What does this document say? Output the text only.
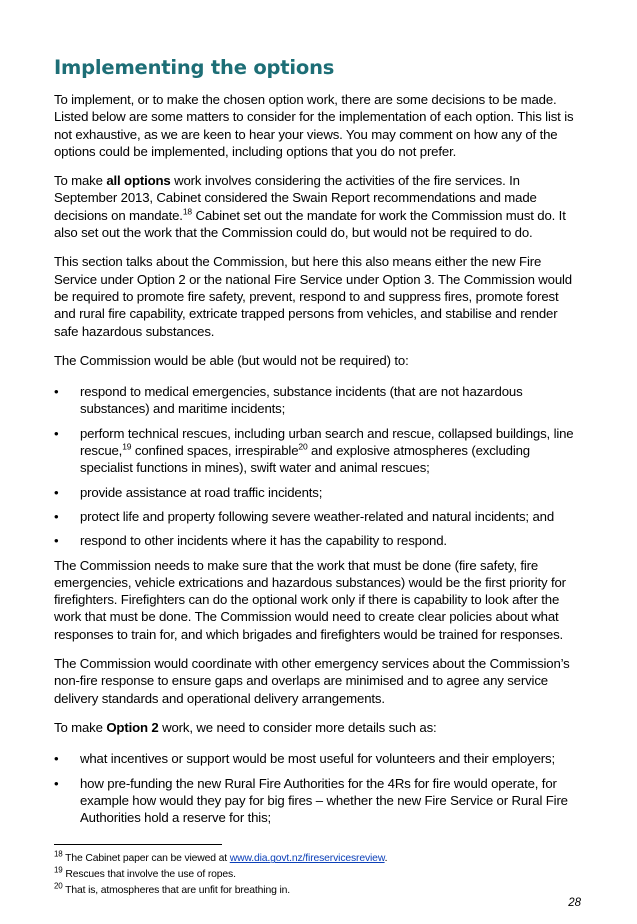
Implementing the options

To implement, or to make the chosen option work, there are some decisions to be made. Listed below are some matters to consider for the implementation of each option. This list is not exhaustive, as we are keen to hear your views. You may comment on how any of the options could be implemented, including options that you do not prefer.

To make all options work involves considering the activities of the fire services. In September 2013, Cabinet considered the Swain Report recommendations and made decisions on mandate.$^{18}$ Cabinet set out the mandate for work the Commission must do. It also set out the work that the Commission could do, but would not be required to do.

This section talks about the Commission, but here this also means either the new Fire Service under Option 2 or the national Fire Service under Option 3. The Commission would be required to promote fire safety, prevent, respond to and suppress fires, promote forest and rural fire capability, extricate trapped persons from vehicles, and stabilise and render safe hazardous substances.

The Commission would be able (but would not be required) to:

• respond to medical emergencies, substance incidents (that are not hazardous substances) and maritime incidents;
• perform technical rescues, including urban search and rescue, collapsed buildings, line rescue,$^{19}$ confined spaces, irrespirable$^{20}$ and explosive atmospheres (excluding specialist functions in mines), swift water and animal rescues;
• provide assistance at road traffic incidents;
• protect life and property following severe weather-related and natural incidents; and
• respond to other incidents where it has the capability to respond.

The Commission needs to make sure that the work that must be done (fire safety, fire emergencies, vehicle extrications and hazardous substances) would be the first priority for firefighters. Firefighters can do the optional work only if there is capability to look after the work that must be done. The Commission would need to create clear policies about what responses to train for, and which brigades and firefighters would be trained for responses.

The Commission would coordinate with other emergency services about the Commission’s non-fire response to ensure gaps and overlaps are minimised and to agree any service delivery standards and operational delivery arrangements.

To make Option 2 work, we need to consider more details such as:

• what incentives or support would be most useful for volunteers and their employers;
• how pre-funding the new Rural Fire Authorities for the 4Rs for fire would operate, for example how would they pay for big fires – whether the new Fire Service or Rural Fire Authorities hold a reserve for this;

$^{18}$ The Cabinet paper can be viewed at www.dia.govt.nz/fireservicesreview.

$^{19}$ Rescues that involve the use of ropes.

$^{20}$ That is, atmospheres that are unfit for breathing in.

28
